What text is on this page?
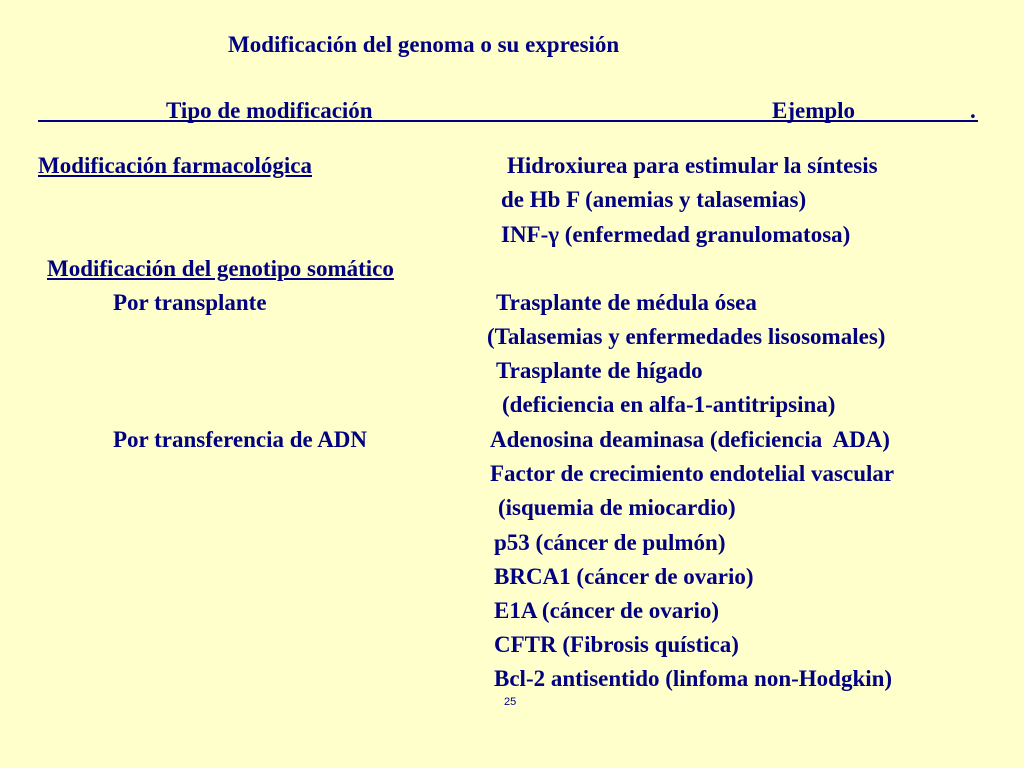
Modificación del genoma o su expresión
Tipo de modificación	Ejemplo	.
Modificación farmacológica	Hidroxiurea para estimular la síntesis
de Hb F (anemias y talasemias)
INF-γ (enfermedad granulomatosa)
Modificación del genotipo somático
Por transplante	Trasplante de médula ósea
(Talasemias y enfermedades lisosomales)
Trasplante de hígado
(deficiencia en alfa-1-antitripsina)
Por transferencia de ADN	Adenosina deaminasa (deficiencia  ADA)
Factor de crecimiento endotelial vascular
(isquemia de miocardio)
p53 (cáncer de pulmón)
BRCA1 (cáncer de ovario)
E1A (cáncer de ovario)
CFTR (Fibrosis quística)
Bcl-2 antisentido (linfoma non-Hodgkin)
25
